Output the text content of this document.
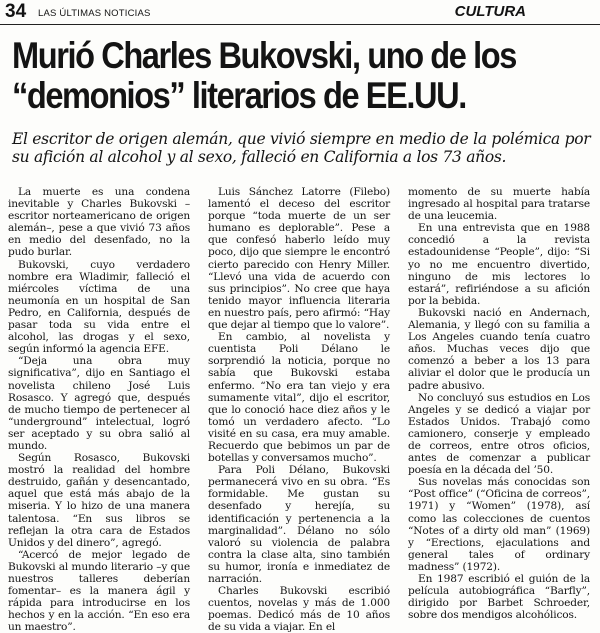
34 LAS ÚLTIMAS NOTICIAS	CULTURA
Murió Charles Bukovski, uno de los
“demonios” literarios de EE.UU.

El escritor de origen alemán, que vivió siempre en medio de la polémica por su afición al alcohol y al sexo, falleció en California a los 73 años.

La muerte es una condena inevitable y Charles Bukovski –escritor norteamericano de origen alemán–, pese a que vivió 73 años en medio del desenfado, no la pudo burlar.

Bukovski, cuyo verdadero nombre era Wladimir, falleció el miércoles víctima de una neumonía en un hospital de San Pedro, en California, después de pasar toda su vida entre el alcohol, las drogas y el sexo, según informó la agencia EFE.

“Deja una obra muy significativa”, dijo en Santiago el novelista chileno José Luis Rosasco. Y agregó que, después de mucho tiempo de pertenecer al “underground” intelectual, logró ser aceptado y su obra salió al mundo.

Según Rosasco, Bukovski mostró la realidad del hombre destruido, gañán y desencantado, aquel que está más abajo de la miseria. Y lo hizo de una manera talentosa. “En sus libros se reflejan la otra cara de Estados Unidos y del dinero”, agregó.

“Acercó de mejor legado de Bukovski al mundo literario –y que nuestros talleres deberían fomentar– es la manera ágil y rápida para introducirse en los hechos y en la acción. “En eso era un maestro”.

Luis Sánchez Latorre (Filebo) lamentó el deceso del escritor porque “toda muerte de un ser humano es deplorable”. Pese a que confesó haberlo leído muy poco, dijo que siempre le encontró cierto parecido con Henry Miller. “Llevó una vida de acuerdo con sus principios”. No cree que haya tenido mayor influencia literaria en nuestro país, pero afirmó: “Hay que dejar al tiempo que lo valore”.

En cambio, al novelista y cuentista Poli Délano le sorprendió la noticia, porque no sabía que Bukovski estaba enfermo. “No era tan viejo y era sumamente vital”, dijo el escritor, que lo conoció hace diez años y le tomó un verdadero afecto. “Lo visité en su casa, era muy amable. Recuerdo que bebimos un par de botellas y conversamos mucho”.

Para Poli Délano, Bukovski permanecerá vivo en su obra. “Es formidable. Me gustan su desenfado y herejía, su identificación y pertenencia a la marginalidad”. Délano no sólo valoró su violencia de palabra contra la clase alta, sino también su humor, ironía e inmediatez de narración.

Charles Bukovski escribió cuentos, novelas y más de 1.000 poemas. Dedicó más de 10 años de su vida a viajar. En el

momento de su muerte había ingresado al hospital para tratarse de una leucemia.

En una entrevista que en 1988 concedió a la revista estadounidense “People”, dijo: “Si yo no me encuentro divertido, ninguno de mis lectores lo estará”, refiriéndose a su afición por la bebida.

Bukovski nació en Andernach, Alemania, y llegó con su familia a Los Angeles cuando tenía cuatro años. Muchas veces dijo que comenzó a beber a los 13 para aliviar el dolor que le producía un padre abusivo.

No concluyó sus estudios en Los Angeles y se dedicó a viajar por Estados Unidos. Trabajó como camionero, conserje y empleado de correos, entre otros oficios, antes de comenzar a publicar poesía en la década del ’50.

Sus novelas más conocidas son “Post office” (“Oficina de correos”, 1971) y “Women” (1978), así como las colecciones de cuentos “Notes of a dirty old man” (1969) y “Erections, ejaculations and general tales of ordinary madness” (1972).

En 1987 escribió el guión de la película autobiográfica “Barfly”, dirigido por Barbet Schroeder, sobre dos mendigos alcohólicos.
